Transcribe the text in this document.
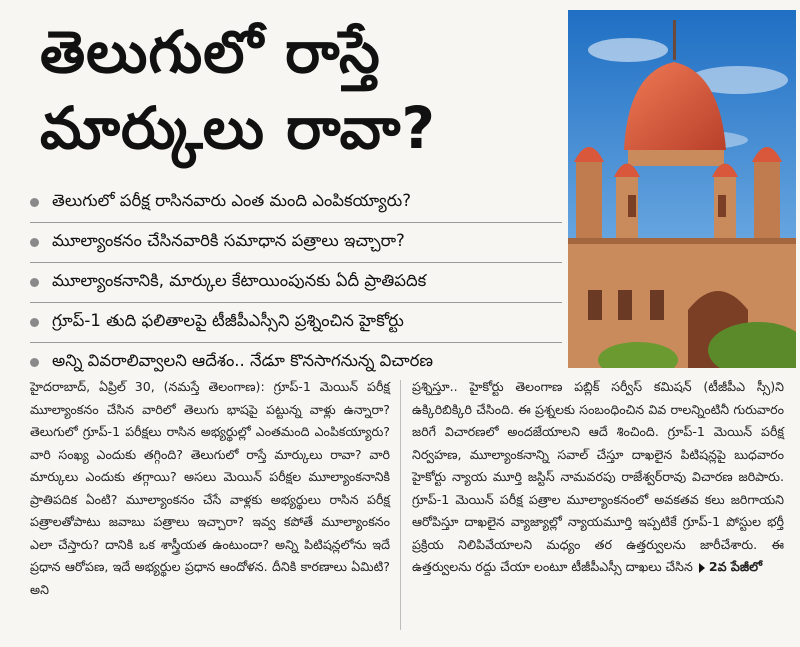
తెలుగులో రాస్తే
మార్కులు రావా?
తెలుగులో పరీక్ష రాసినవారు ఎంత మంది ఎంపికయ్యారు?
మూల్యాంకనం చేసినవారికి సమాధాన పత్రాలు ఇచ్చారా?
మూల్యాంకనానికి, మార్కుల కేటాయింపునకు ఏదీ ప్రాతిపదిక
గ్రూప్-1 తుది ఫలితాలపై టీజీపీఎస్సీని ప్రశ్నించిన హైకోర్టు
అన్ని వివరాలివ్వాలని ఆదేశం.. నేడూ కొనసాగనున్న విచారణ

హైదరాబాద్, ఏప్రిల్ 30, (నమస్తే తెలంగాణ): గ్రూప్-1 మెయిన్ పరీక్ష మూల్యాంకనం చేసిన వారిలో తెలుగు భాషపై పట్టున్న వాళ్లు ఉన్నారా? తెలుగులో గ్రూప్-1 పరీక్షలు రాసిన అభ్యర్థుల్లో ఎంతమంది ఎంపికయ్యారు? వారి సంఖ్య ఎందుకు తగ్గింది? తెలుగులో రాస్తే మార్కులు రావా? వారి మార్కులు ఎందుకు తగ్గాయి? అసలు మెయిన్ పరీక్షల మూల్యాంకనానికి ప్రాతిపదిక ఏంటి? మూల్యాంకనం చేసే వాళ్లకు అభ్యర్థులు రాసిన పరీక్ష పత్రాలతోపాటు జవాబు పత్రాలు ఇచ్చారా? ఇవ్వ కపోతే మూల్యాంకనం ఎలా చేస్తారు? దానికి ఒక శాస్త్రీయత ఉంటుందా? అన్ని పిటిషన్లలోను ఇదే ప్రధాన ఆరోపణ, ఇదే అభ్యర్థుల ప్రధాన ఆందోళన. దీనికి కారణాలు ఏమిటి? అని

ప్రశ్నిస్తూ.. హైకోర్టు తెలంగాణ పబ్లిక్ సర్వీస్ కమిషన్ (టీజీపీఎ స్సీ)ని ఉక్కిరిబిక్కిరి చేసింది. ఈ ప్రశ్నలకు సంబంధించిన వివ రాలన్నింటినీ గురువారం జరిగే విచారణలో అందజేయాలని ఆదే శించింది. గ్రూప్-1 మెయిన్ పరీక్ష నిర్వహణ, మూల్యాంకనాన్ని సవాల్ చేస్తూ దాఖలైన పిటిషన్లపై బుధవారం హైకోర్టు న్యాయ మూర్తి జస్టిస్ నామవరపు రాజేశ్వర్‌రావు విచారణ జరిపారు. గ్రూప్-1 మెయిన్ పరీక్ష పత్రాల మూల్యాంకనంలో అవకతవ కలు జరిగాయని ఆరోపిస్తూ దాఖలైన వ్యాజ్యాల్లో న్యాయమూర్తి ఇప్పటికే గ్రూప్-1 పోస్టుల భర్తీ ప్రక్రియ నిలిపివేయాలని మధ్యం తర ఉత్తర్వులను జారీచేశారు. ఈ ఉత్తర్వులను రద్దు చేయా లంటూ టీజీపీఎస్సీ దాఖలు చేసిన 2వ పేజీలో
